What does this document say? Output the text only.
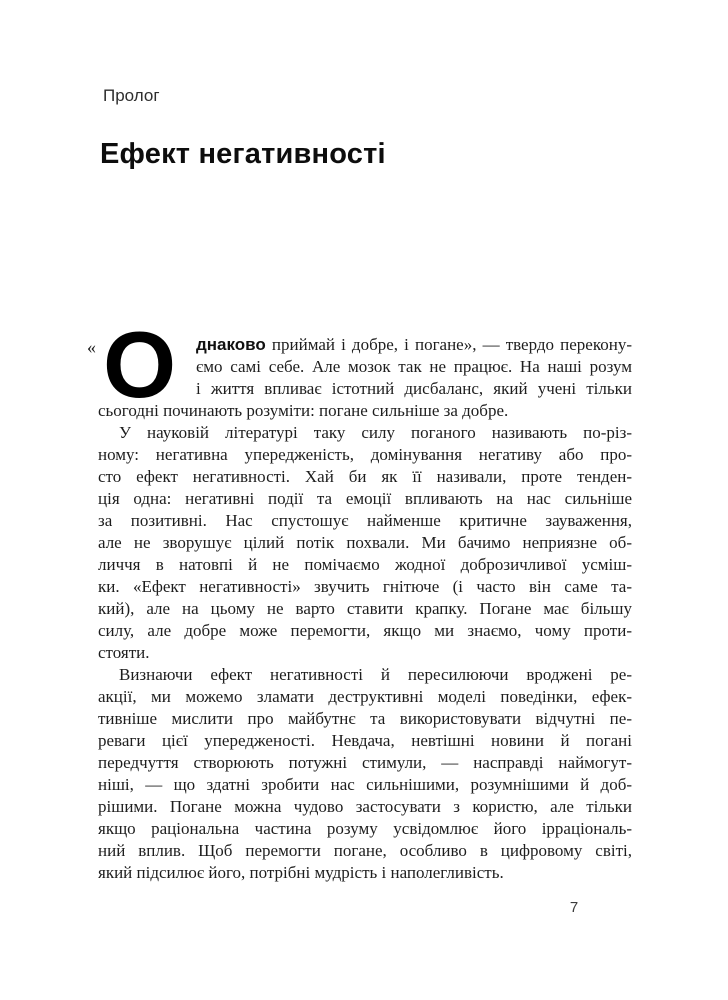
Пролог
Ефект негативності
« О днаково приймай і добре, і погане», — твердо перекону-
ємо самі себе. Але мозок так не працює. На наші розум
і життя впливає істотний дисбаланс, який учені тільки
сьогодні починають розуміти: погане сильніше за добре.
У науковій літературі таку силу поганого називають по-різ-
ному: негативна упередженість, домінування негативу або про-
сто ефект негативності. Хай би як її називали, проте тенден-
ція одна: негативні події та емоції впливають на нас сильніше
за позитивні. Нас спустошує найменше критичне зауваження,
але не зворушує цілий потік похвали. Ми бачимо неприязне об-
личчя в натовпі й не помічаємо жодної доброзичливої усміш-
ки. «Ефект негативності» звучить гнітюче (і часто він саме та-
кий), але на цьому не варто ставити крапку. Погане має більшу
силу, але добре може перемогти, якщо ми знаємо, чому проти-
стояти.
Визнаючи ефект негативності й пересилюючи вроджені ре-
акції, ми можемо зламати деструктивні моделі поведінки, ефек-
тивніше мислити про майбутнє та використовувати відчутні пе-
реваги цієї упередженості. Невдача, невтішні новини й погані
передчуття створюють потужні стимули, — насправді наймогут-
ніші, — що здатні зробити нас сильнішими, розумнішими й доб-
рішими. Погане можна чудово застосувати з користю, але тільки
якщо раціональна частина розуму усвідомлює його ірраціональ-
ний вплив. Щоб перемогти погане, особливо в цифровому світі,
який підсилює його, потрібні мудрість і наполегливість.
7
